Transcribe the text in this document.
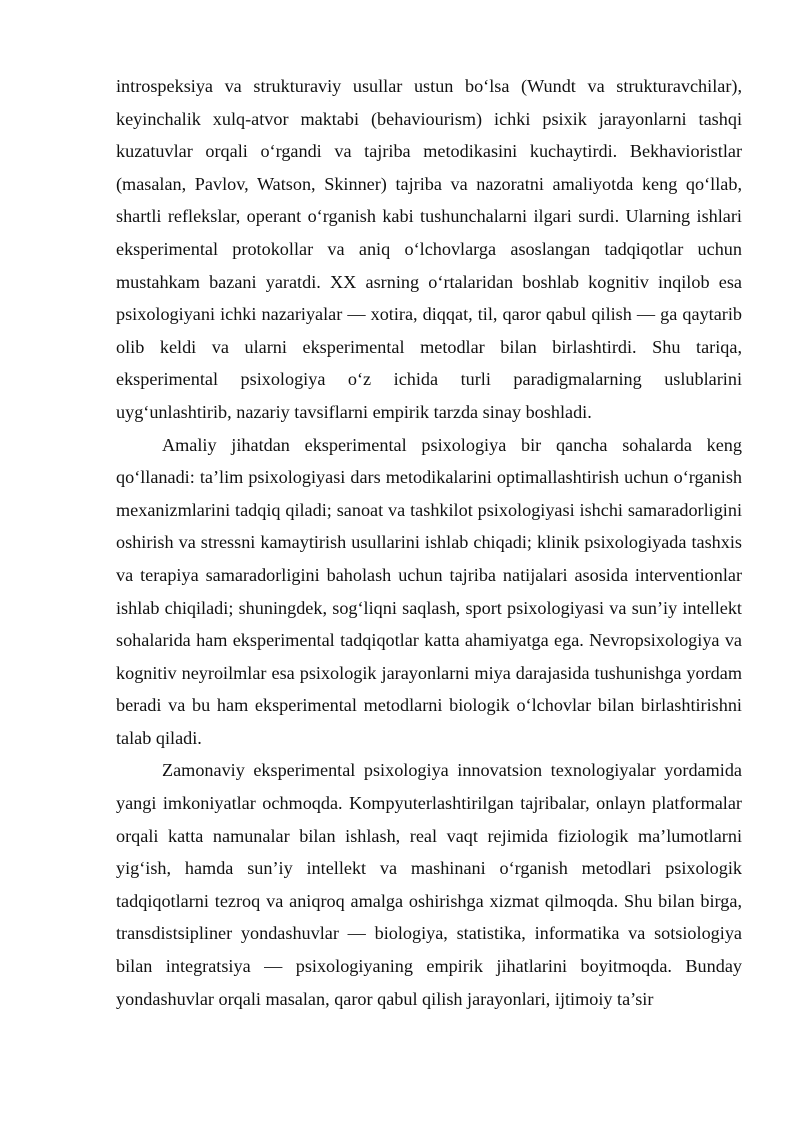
introspeksiya va strukturaviy usullar ustun bo‘lsa (Wundt va strukturavchilar), keyinchalik xulq-atvor maktabi (behaviourism) ichki psixik jarayonlarni tashqi kuzatuvlar orqali o‘rgandi va tajriba metodikasini kuchaytirdi. Bekhavioristlar (masalan, Pavlov, Watson, Skinner) tajriba va nazoratni amaliyotda keng qo‘llab, shartli reflekslar, operant o‘rganish kabi tushunchalarni ilgari surdi. Ularning ishlari eksperimental protokollar va aniq o‘lchovlarga asoslangan tadqiqotlar uchun mustahkam bazani yaratdi. XX asrning o‘rtalaridan boshlab kognitiv inqilob esa psixologiyani ichki nazariyalar — xotira, diqqat, til, qaror qabul qilish — ga qaytarib olib keldi va ularni eksperimental metodlar bilan birlashtirdi. Shu tariqa, eksperimental psixologiya o‘z ichida turli paradigmalarning uslublarini uyg‘unlashtirib, nazariy tavsiflarni empirik tarzda sinay boshladi.

Amaliy jihatdan eksperimental psixologiya bir qancha sohalarda keng qo‘llanadi: ta’lim psixologiyasi dars metodikalarini optimallashtirish uchun o‘rganish mexanizmlarini tadqiq qiladi; sanoat va tashkilot psixologiyasi ishchi samaradorligini oshirish va stressni kamaytirish usullarini ishlab chiqadi; klinik psixologiyada tashxis va terapiya samaradorligini baholash uchun tajriba natijalari asosida interventionlar ishlab chiqiladi; shuningdek, sog‘liqni saqlash, sport psixologiyasi va sun’iy intellekt sohalarida ham eksperimental tadqiqotlar katta ahamiyatga ega. Nevropsixologiya va kognitiv neyroilmlar esa psixologik jarayonlarni miya darajasida tushunishga yordam beradi va bu ham eksperimental metodlarni biologik o‘lchovlar bilan birlashtirishni talab qiladi.

Zamonaviy eksperimental psixologiya innovatsion texnologiyalar yordamida yangi imkoniyatlar ochmoqda. Kompyuterlashtirilgan tajribalar, onlayn platformalar orqali katta namunalar bilan ishlash, real vaqt rejimida fiziologik ma’lumotlarni yig‘ish, hamda sun’iy intellekt va mashinani o‘rganish metodlari psixologik tadqiqotlarni tezroq va aniqroq amalga oshirishga xizmat qilmoqda. Shu bilan birga, transdistsipliner yondashuvlar — biologiya, statistika, informatika va sotsiologiya bilan integratsiya — psixologiyaning empirik jihatlarini boyitmoqda. Bunday yondashuvlar orqali masalan, qaror qabul qilish jarayonlari, ijtimoiy ta’sir
